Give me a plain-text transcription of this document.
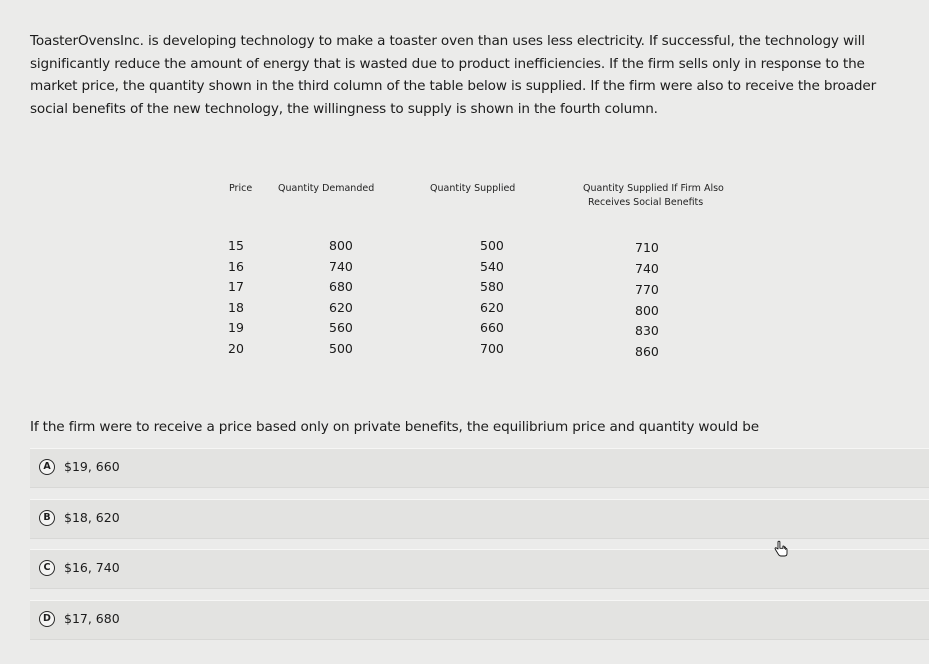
ToasterOvensInc. is developing technology to make a toaster oven than uses less electricity. If successful, the technology will significantly reduce the amount of energy that is wasted due to product inefficiencies. If the firm sells only in response to the market price, the quantity shown in the third column of the table below is supplied. If the firm were also to receive the broader social benefits of the new technology, the willingness to supply is shown in the fourth column.
Price	Quantity Demanded	Quantity Supplied	Quantity Supplied If Firm Also
Receives Social Benefits
15	800	500	710
16	740	540	740
17	680	580	770
18	620	620	800
19	560	660	830
20	500	700	860
If the firm were to receive a price based only on private benefits, the equilibrium price and quantity would be
A	$19, 660
B	$18, 620
C	$16, 740
D	$17, 680
